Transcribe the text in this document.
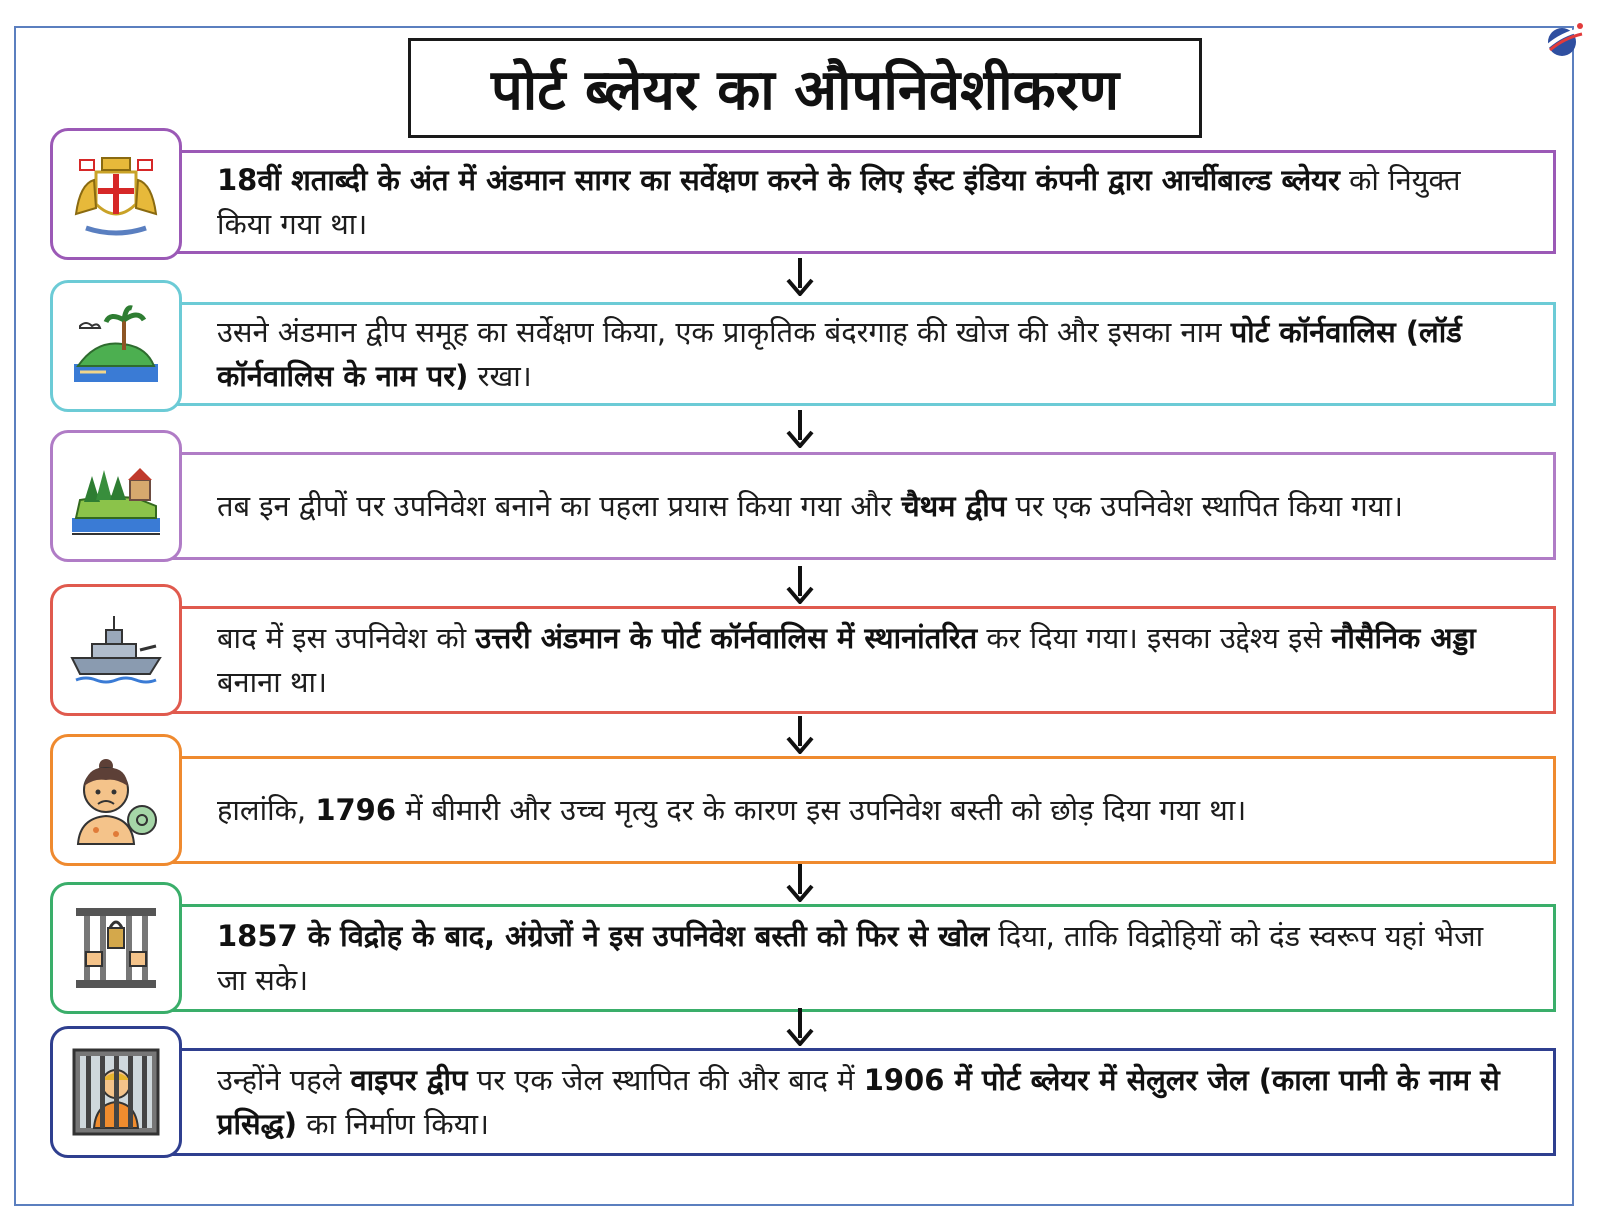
पोर्ट ब्लेयर का औपनिवेशीकरण
18वीं शताब्दी के अंत में अंडमान सागर का सर्वेक्षण करने के लिए ईस्ट इंडिया कंपनी द्वारा आर्चीबाल्ड ब्लेयर को नियुक्त किया गया था।
उसने अंडमान द्वीप समूह का सर्वेक्षण किया, एक प्राकृतिक बंदरगाह की खोज की और इसका नाम पोर्ट कॉर्नवालिस (लॉर्ड कॉर्नवालिस के नाम पर) रखा।
तब इन द्वीपों पर उपनिवेश बनाने का पहला प्रयास किया गया और चैथम द्वीप पर एक उपनिवेश स्थापित किया गया।
बाद में इस उपनिवेश को उत्तरी अंडमान के पोर्ट कॉर्नवालिस में स्थानांतरित कर दिया गया। इसका उद्देश्य इसे नौसैनिक अड्डा बनाना था।
हालांकि, 1796 में बीमारी और उच्च मृत्यु दर के कारण इस उपनिवेश बस्ती को छोड़ दिया गया था।
1857 के विद्रोह के बाद, अंग्रेजों ने इस उपनिवेश बस्ती को फिर से खोल दिया, ताकि विद्रोहियों को दंड स्वरूप यहां भेजा जा सके।
उन्होंने पहले वाइपर द्वीप पर एक जेल स्थापित की और बाद में 1906 में पोर्ट ब्लेयर में सेलुलर जेल (काला पानी के नाम से प्रसिद्ध) का निर्माण किया।
